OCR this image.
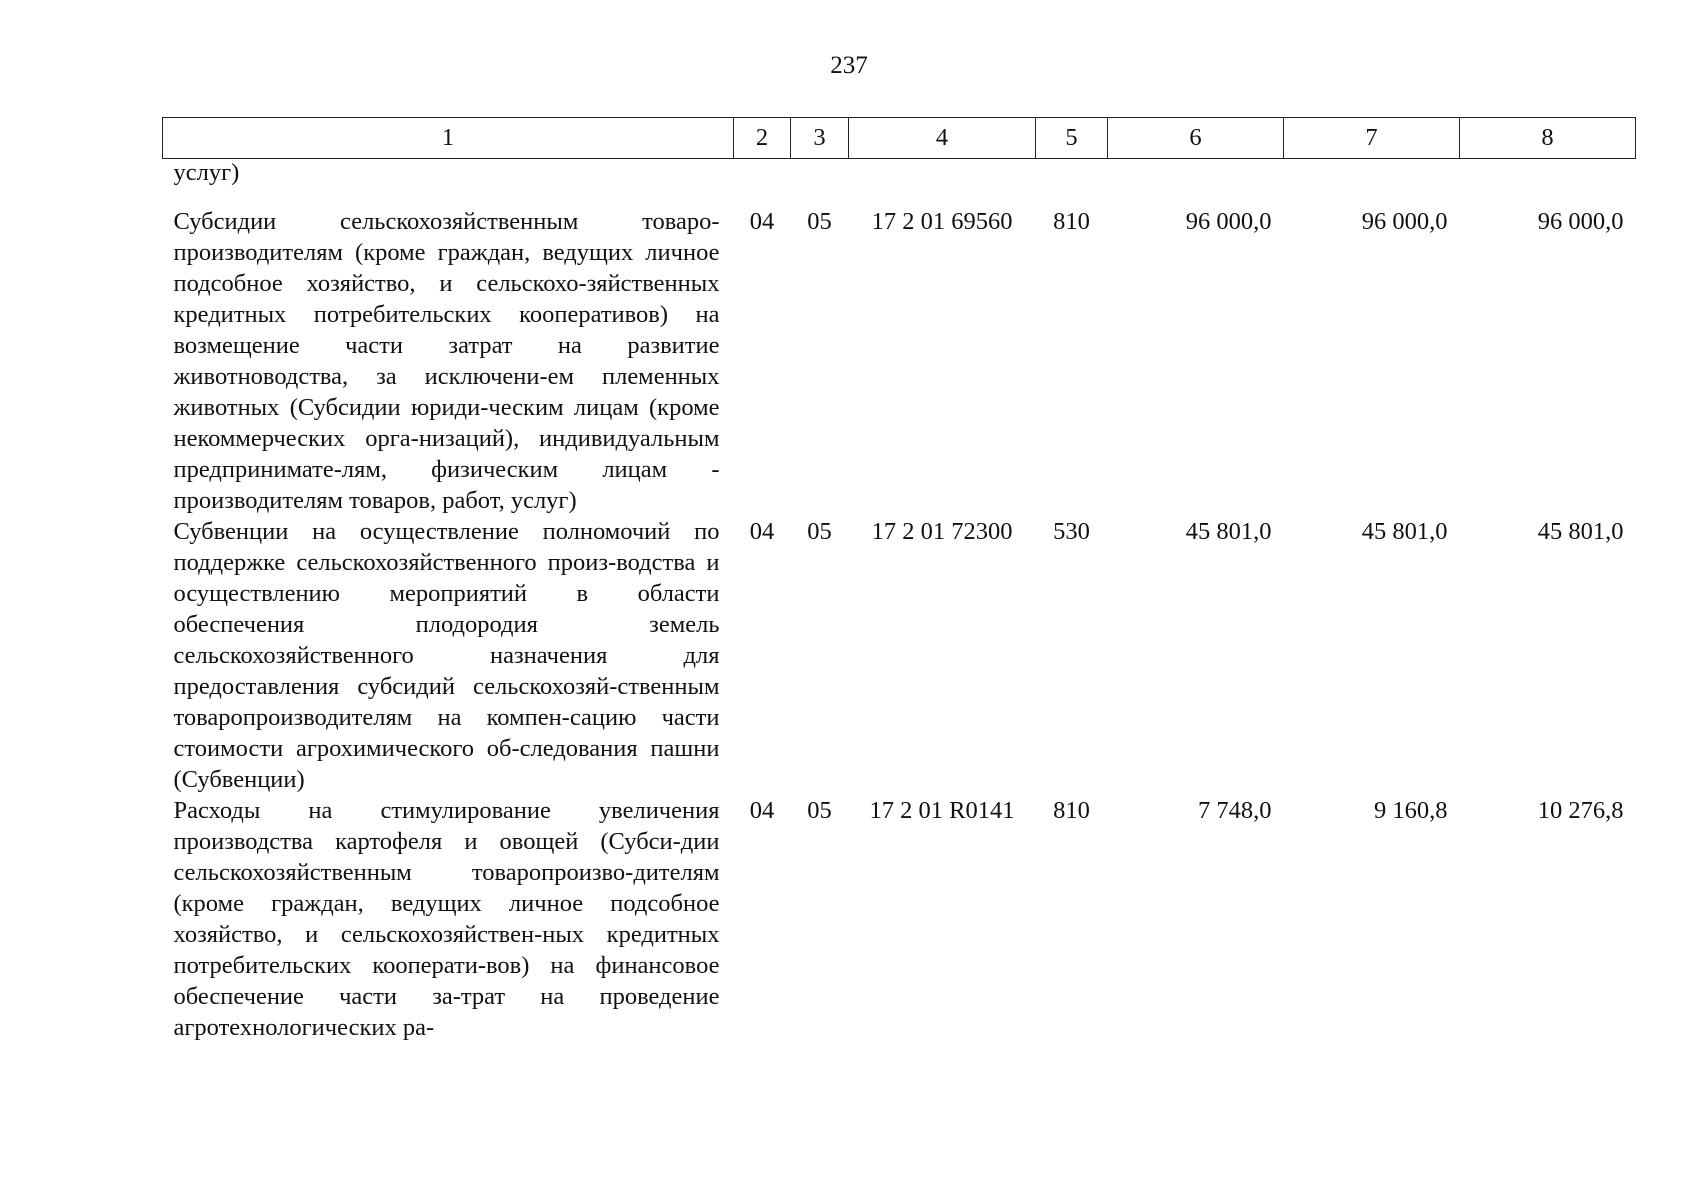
237
1	2	3	4	5	6	7	8
услуг)							
Субсидии сельскохозяйственным товаро-производителям (кроме граждан, ведущих личное подсобное хозяйство, и сельскохо-зяйственных кредитных потребительских кооперативов) на возмещение части затрат на развитие животноводства, за исключени-ем племенных животных (Субсидии юриди-ческим лицам (кроме некоммерческих орга-низаций), индивидуальным предпринимате-лям, физическим лицам - производителям товаров, работ, услуг)	04	05	17 2 01 69560	810	96 000,0	96 000,0	96 000,0
Субвенции на осуществление полномочий по поддержке сельскохозяйственного произ-водства и осуществлению мероприятий в области обеспечения плодородия земель сельскохозяйственного назначения для предоставления субсидий сельскохозяй-ственным товаропроизводителям на компен-сацию части стоимости агрохимического об-следования пашни (Субвенции)	04	05	17 2 01 72300	530	45 801,0	45 801,0	45 801,0
Расходы на стимулирование увеличения производства картофеля и овощей (Субси-дии сельскохозяйственным товаропроизво-дителям (кроме граждан, ведущих личное подсобное хозяйство, и сельскохозяйствен-ных кредитных потребительских кооперати-вов) на финансовое обеспечение части за-трат на проведение агротехнологических ра-	04	05	17 2 01 R0141	810	7 748,0	9 160,8	10 276,8
